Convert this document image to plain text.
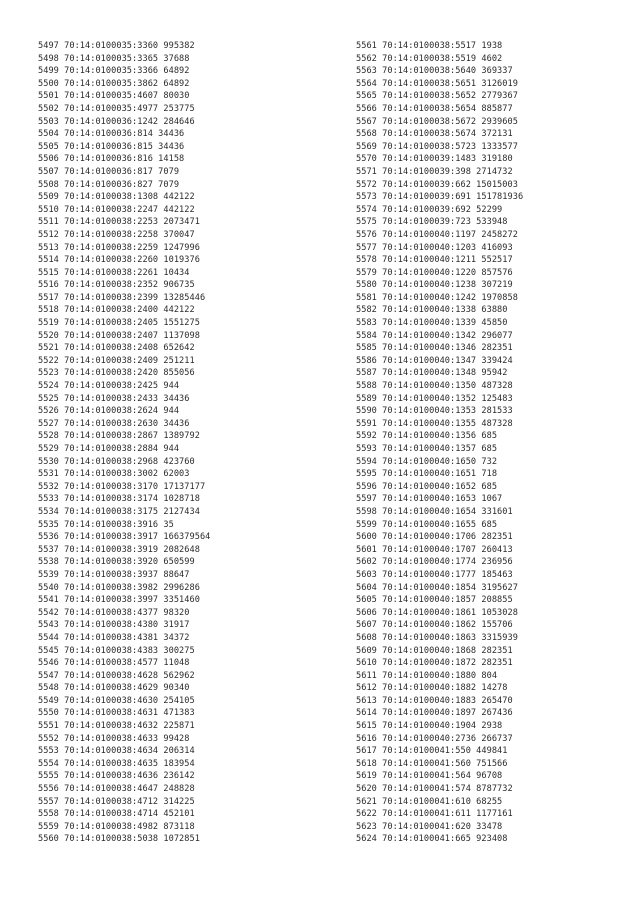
5497 70:14:0100035:3360 995382
5498 70:14:0100035:3365 37688
5499 70:14:0100035:3366 64892
5500 70:14:0100035:3862 64892
5501 70:14:0100035:4607 80030
5502 70:14:0100035:4977 253775
5503 70:14:0100036:1242 284646
5504 70:14:0100036:814 34436
5505 70:14:0100036:815 34436
5506 70:14:0100036:816 14158
5507 70:14:0100036:817 7079
5508 70:14:0100036:827 7079
5509 70:14:0100038:1308 442122
5510 70:14:0100038:2247 442122
5511 70:14:0100038:2253 2073471
5512 70:14:0100038:2258 370047
5513 70:14:0100038:2259 1247996
5514 70:14:0100038:2260 1019376
5515 70:14:0100038:2261 10434
5516 70:14:0100038:2352 906735
5517 70:14:0100038:2399 13285446
5518 70:14:0100038:2400 442122
5519 70:14:0100038:2405 1551275
5520 70:14:0100038:2407 1137098
5521 70:14:0100038:2408 652642
5522 70:14:0100038:2409 251211
5523 70:14:0100038:2420 855056
5524 70:14:0100038:2425 944
5525 70:14:0100038:2433 34436
5526 70:14:0100038:2624 944
5527 70:14:0100038:2630 34436
5528 70:14:0100038:2867 1389792
5529 70:14:0100038:2884 944
5530 70:14:0100038:2968 423760
5531 70:14:0100038:3002 62003
5532 70:14:0100038:3170 17137177
5533 70:14:0100038:3174 1028718
5534 70:14:0100038:3175 2127434
5535 70:14:0100038:3916 35
5536 70:14:0100038:3917 166379564
5537 70:14:0100038:3919 2082648
5538 70:14:0100038:3920 650599
5539 70:14:0100038:3937 88647
5540 70:14:0100038:3982 2996286
5541 70:14:0100038:3997 3351460
5542 70:14:0100038:4377 98320
5543 70:14:0100038:4380 31917
5544 70:14:0100038:4381 34372
5545 70:14:0100038:4383 300275
5546 70:14:0100038:4577 11048
5547 70:14:0100038:4628 562962
5548 70:14:0100038:4629 90340
5549 70:14:0100038:4630 254105
5550 70:14:0100038:4631 471383
5551 70:14:0100038:4632 225871
5552 70:14:0100038:4633 99428
5553 70:14:0100038:4634 206314
5554 70:14:0100038:4635 183954
5555 70:14:0100038:4636 236142
5556 70:14:0100038:4647 248828
5557 70:14:0100038:4712 314225
5558 70:14:0100038:4714 452101
5559 70:14:0100038:4982 873118
5560 70:14:0100038:5038 1072851
5561 70:14:0100038:5517 1938
5562 70:14:0100038:5519 4602
5563 70:14:0100038:5640 369337
5564 70:14:0100038:5651 3126019
5565 70:14:0100038:5652 2779367
5566 70:14:0100038:5654 885877
5567 70:14:0100038:5672 2939605
5568 70:14:0100038:5674 372131
5569 70:14:0100038:5723 1333577
5570 70:14:0100039:1483 319180
5571 70:14:0100039:398 2714732
5572 70:14:0100039:662 15015003
5573 70:14:0100039:691 151781936
5574 70:14:0100039:692 52299
5575 70:14:0100039:723 533948
5576 70:14:0100040:1197 2458272
5577 70:14:0100040:1203 416093
5578 70:14:0100040:1211 552517
5579 70:14:0100040:1220 857576
5580 70:14:0100040:1238 307219
5581 70:14:0100040:1242 1970858
5582 70:14:0100040:1338 63880
5583 70:14:0100040:1339 45850
5584 70:14:0100040:1342 296077
5585 70:14:0100040:1346 282351
5586 70:14:0100040:1347 339424
5587 70:14:0100040:1348 95942
5588 70:14:0100040:1350 487328
5589 70:14:0100040:1352 125483
5590 70:14:0100040:1353 281533
5591 70:14:0100040:1355 487328
5592 70:14:0100040:1356 685
5593 70:14:0100040:1357 685
5594 70:14:0100040:1650 732
5595 70:14:0100040:1651 718
5596 70:14:0100040:1652 685
5597 70:14:0100040:1653 1067
5598 70:14:0100040:1654 331601
5599 70:14:0100040:1655 685
5600 70:14:0100040:1706 282351
5601 70:14:0100040:1707 260413
5602 70:14:0100040:1774 236956
5603 70:14:0100040:1777 185463
5604 70:14:0100040:1854 3195627
5605 70:14:0100040:1857 208855
5606 70:14:0100040:1861 1053028
5607 70:14:0100040:1862 155706
5608 70:14:0100040:1863 3315939
5609 70:14:0100040:1868 282351
5610 70:14:0100040:1872 282351
5611 70:14:0100040:1880 804
5612 70:14:0100040:1882 14278
5613 70:14:0100040:1883 265470
5614 70:14:0100040:1897 267436
5615 70:14:0100040:1904 2938
5616 70:14:0100040:2736 266737
5617 70:14:0100041:550 449841
5618 70:14:0100041:560 751566
5619 70:14:0100041:564 96708
5620 70:14:0100041:574 8787732
5621 70:14:0100041:610 68255
5622 70:14:0100041:611 1177161
5623 70:14:0100041:620 33478
5624 70:14:0100041:665 923408
